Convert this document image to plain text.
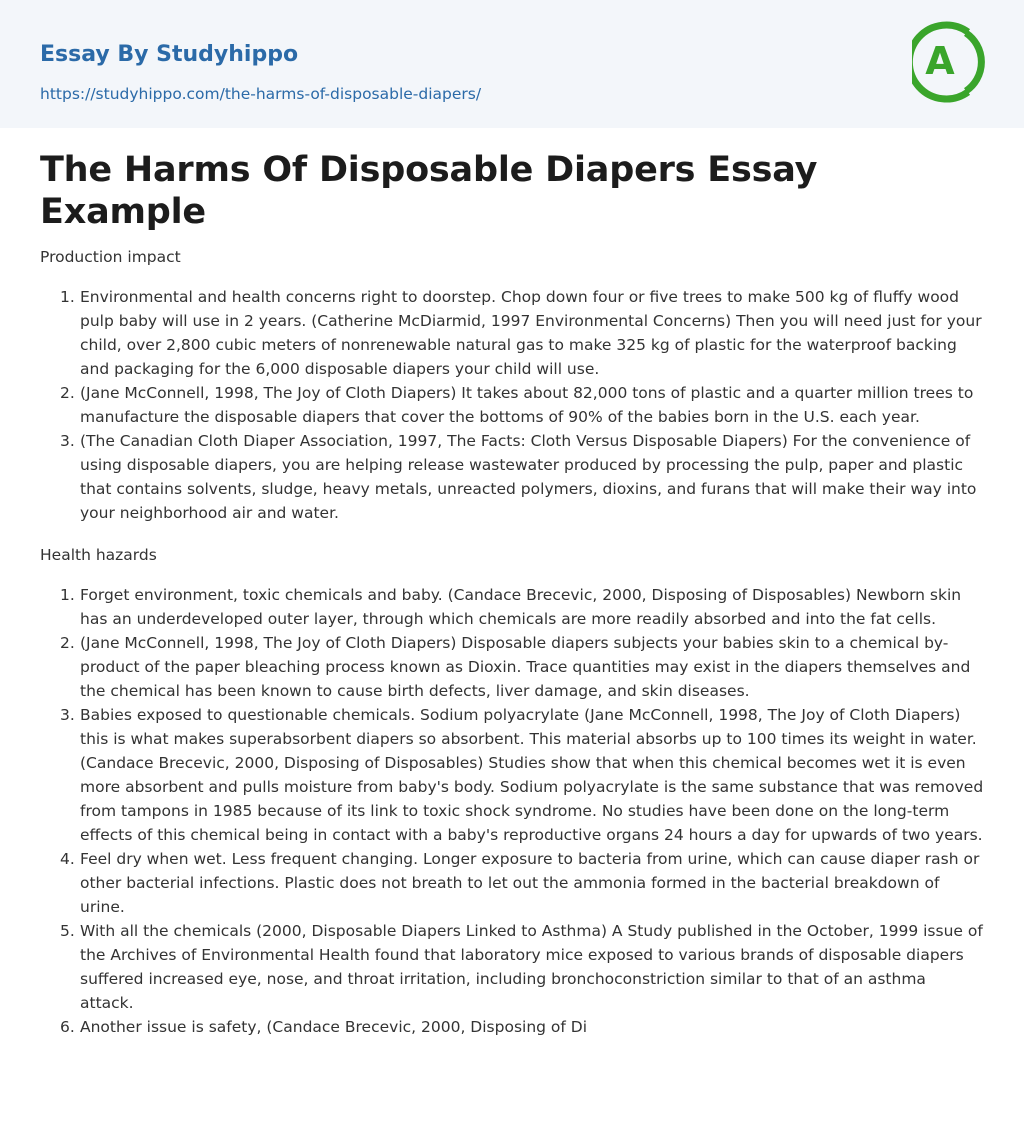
Essay By Studyhippo
https://studyhippo.com/the-harms-of-disposable-diapers/
A
The Harms Of Disposable Diapers Essay Example
Production impact
Environmental and health concerns right to doorstep. Chop down four or five trees to make 500 kg of fluffy wood pulp baby will use in 2 years. (Catherine McDiarmid, 1997 Environmental Concerns) Then you will need just for your child, over 2,800 cubic meters of nonrenewable natural gas to make 325 kg of plastic for the waterproof backing and packaging for the 6,000 disposable diapers your child will use.
(Jane McConnell, 1998, The Joy of Cloth Diapers) It takes about 82,000 tons of plastic and a quarter million trees to manufacture the disposable diapers that cover the bottoms of 90% of the babies born in the U.S. each year.
(The Canadian Cloth Diaper Association, 1997, The Facts: Cloth Versus Disposable Diapers) For the convenience of using disposable diapers, you are helping release wastewater produced by processing the pulp, paper and plastic that contains solvents, sludge, heavy metals, unreacted polymers, dioxins, and furans that will make their way into your neighborhood air and water.
Health hazards
Forget environment, toxic chemicals and baby. (Candace Brecevic, 2000, Disposing of Disposables) Newborn skin has an underdeveloped outer layer, through which chemicals are more readily absorbed and into the fat cells.
(Jane McConnell, 1998, The Joy of Cloth Diapers) Disposable diapers subjects your babies skin to a chemical by-product of the paper bleaching process known as Dioxin. Trace quantities may exist in the diapers themselves and the chemical has been known to cause birth defects, liver damage, and skin diseases.
Babies exposed to questionable chemicals. Sodium polyacrylate (Jane McConnell, 1998, The Joy of Cloth Diapers) this is what makes superabsorbent diapers so absorbent. This material absorbs up to 100 times its weight in water. (Candace Brecevic, 2000, Disposing of Disposables) Studies show that when this chemical becomes wet it is even more absorbent and pulls moisture from baby's body. Sodium polyacrylate is the same substance that was removed from tampons in 1985 because of its link to toxic shock syndrome. No studies have been done on the long-term effects of this chemical being in contact with a baby's reproductive organs 24 hours a day for upwards of two years.
Feel dry when wet. Less frequent changing. Longer exposure to bacteria from urine, which can cause diaper rash or other bacterial infections. Plastic does not breath to let out the ammonia formed in the bacterial breakdown of urine.
With all the chemicals (2000, Disposable Diapers Linked to Asthma) A Study published in the October, 1999 issue of the Archives of Environmental Health found that laboratory mice exposed to various brands of disposable diapers suffered increased eye, nose, and throat irritation, including bronchoconstriction similar to that of an asthma attack.
Another issue is safety, (Candace Brecevic, 2000, Disposing of Di
